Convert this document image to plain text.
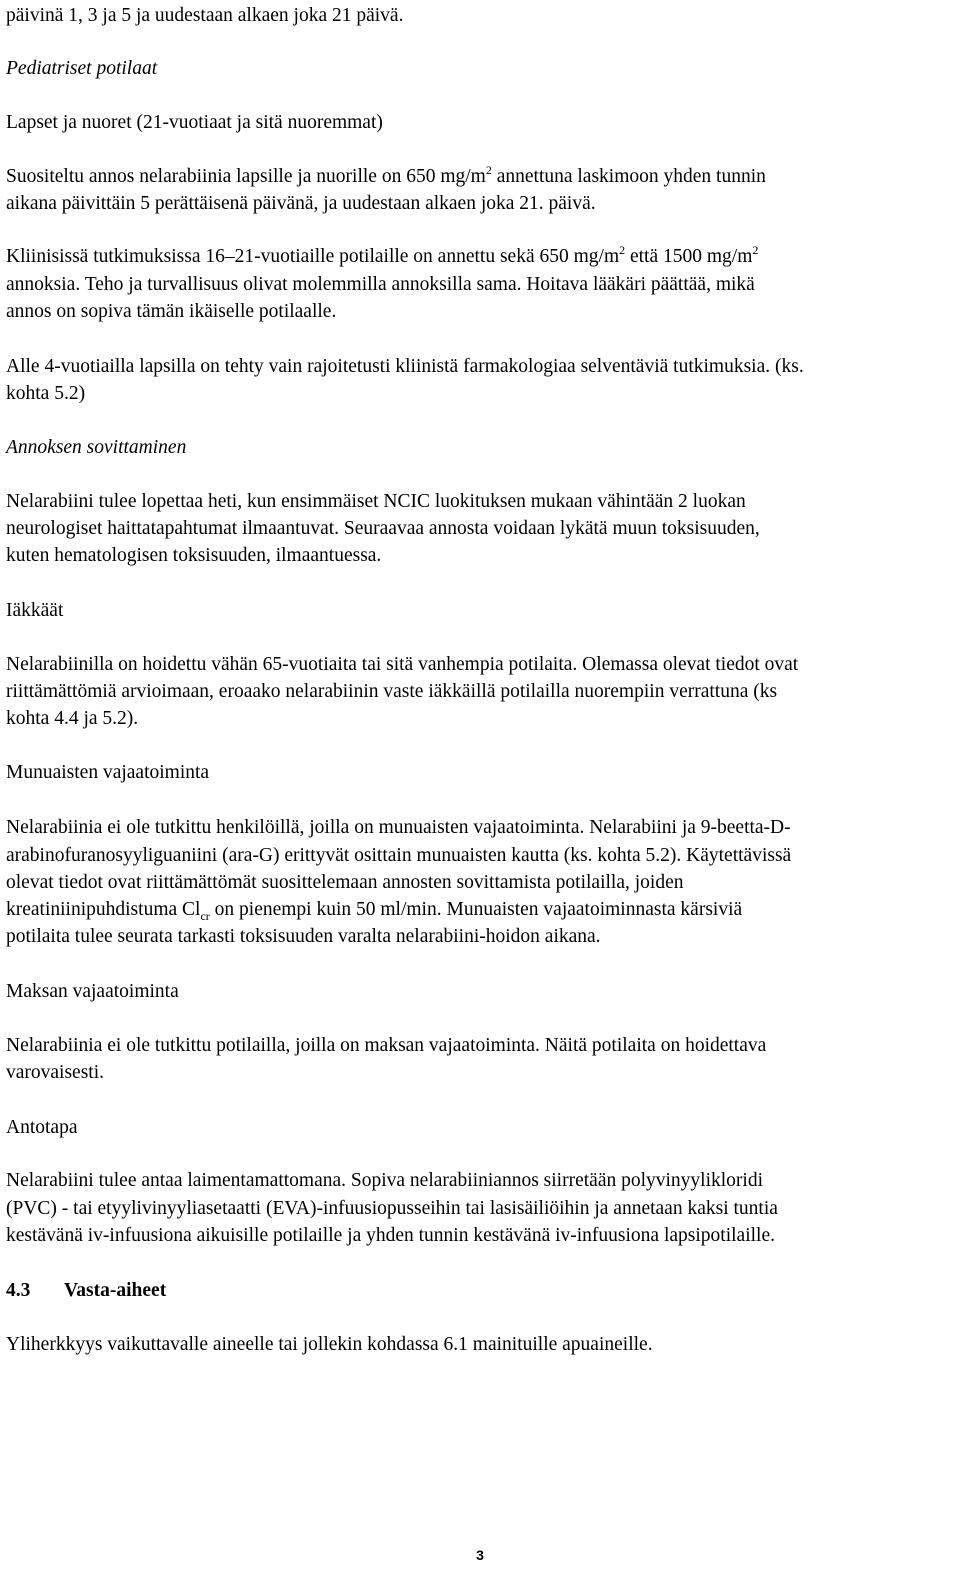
päivinä 1, 3 ja 5 ja uudestaan alkaen joka 21 päivä.

Pediatriset potilaat

Lapset ja nuoret (21-vuotiaat ja sitä nuoremmat)

Suositeltu annos nelarabiinia lapsille ja nuorille on 650 $mg/m^2$ annettuna laskimoon yhden tunnin

aikana päivittäin 5 perättäisenä päivänä, ja uudestaan alkaen joka 21. päivä.

Kliinisissä tutkimuksissa 16–21-vuotiaille potilaille on annettu sekä 650 $mg/m^2$ että 1500 $mg/m^2$

annoksia. Teho ja turvallisuus olivat molemmilla annoksilla sama. Hoitava lääkäri päättää, mikä

annos on sopiva tämän ikäiselle potilaalle.

Alle 4-vuotiailla lapsilla on tehty vain rajoitetusti kliinistä farmakologiaa selventäviä tutkimuksia. (ks.

kohta 5.2)

Annoksen sovittaminen

Nelarabiini tulee lopettaa heti, kun ensimmäiset NCIC luokituksen mukaan vähintään 2 luokan

neurologiset haittatapahtumat ilmaantuvat. Seuraavaa annosta voidaan lykätä muun toksisuuden,

kuten hematologisen toksisuuden, ilmaantuessa.

Iäkkäät

Nelarabiinilla on hoidettu vähän 65-vuotiaita tai sitä vanhempia potilaita. Olemassa olevat tiedot ovat

riittämättömiä arvioimaan, eroaako nelarabiinin vaste iäkkäillä potilailla nuorempiin verrattuna (ks

kohta 4.4 ja 5.2).

Munuaisten vajaatoiminta

Nelarabiinia ei ole tutkittu henkilöillä, joilla on munuaisten vajaatoiminta. Nelarabiini ja 9-beetta-D-

arabinofuranosyyliguaniini (ara-G) erittyvät osittain munuaisten kautta (ks. kohta 5.2). Käytettävissä

olevat tiedot ovat riittämättömät suosittelemaan annosten sovittamista potilailla, joiden

kreatiniinipuhdistuma $Cl_{cr}$ on pienempi kuin 50 ml/min. Munuaisten vajaatoiminnasta kärsiviä

potilaita tulee seurata tarkasti toksisuuden varalta nelarabiini-hoidon aikana.

Maksan vajaatoiminta

Nelarabiinia ei ole tutkittu potilailla, joilla on maksan vajaatoiminta. Näitä potilaita on hoidettava

varovaisesti.

Antotapa

Nelarabiini tulee antaa laimentamattomana. Sopiva nelarabiiniannos siirretään polyvinyylikloridi

(PVC) - tai etyylivinyyliasetaatti (EVA)-infuusiopusseihin tai lasisäiliöihin ja annetaan kaksi tuntia

kestävänä iv-infuusiona aikuisille potilaille ja yhden tunnin kestävänä iv-infuusiona lapsipotilaille.

4.3 Vasta-aiheet

Yliherkkyys vaikuttavalle aineelle tai jollekin kohdassa 6.1 mainituille apuaineille.

3
